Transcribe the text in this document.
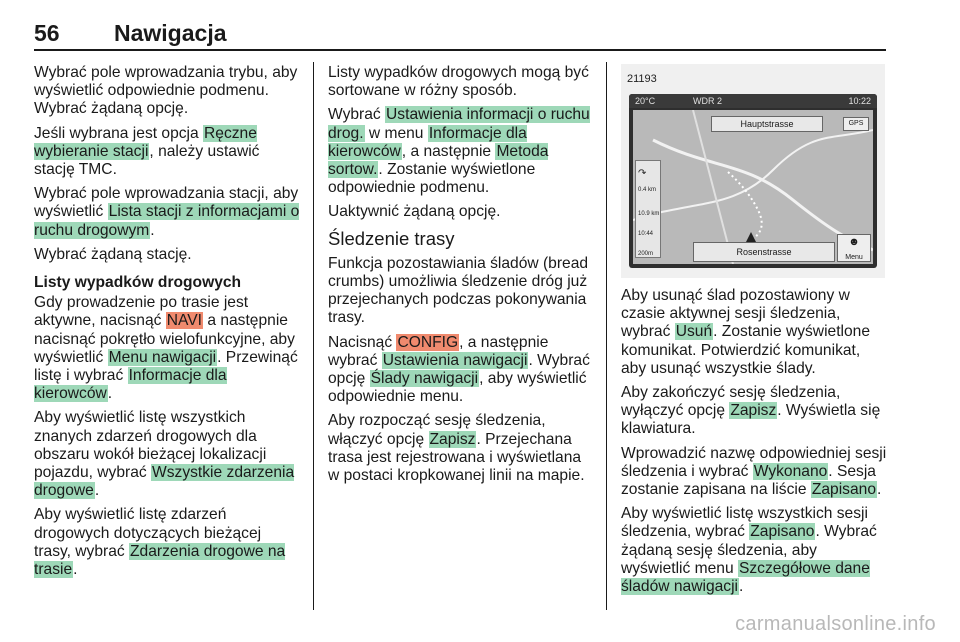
56 Nawigacja

Wybrać pole wprowadzania trybu, aby wyświetlić odpowiednie podmenu. Wybrać żądaną opcję.

Jeśli wybrana jest opcja Ręczne wybieranie stacji, należy ustawić stację TMC.

Wybrać pole wprowadzania stacji, aby wyświetlić Lista stacji z informacjami o ruchu drogowym.

Wybrać żądaną stację.

Listy wypadków drogowych

Gdy prowadzenie po trasie jest aktywne, nacisnąć NAVI a następnie nacisnąć pokrętło wielofunkcyjne, aby wyświetlić Menu nawigacji. Przewinąć listę i wybrać Informacje dla kierowców.

Aby wyświetlić listę wszystkich znanych zdarzeń drogowych dla obszaru wokół bieżącej lokalizacji pojazdu, wybrać Wszystkie zdarzenia drogowe.

Aby wyświetlić listę zdarzeń drogowych dotyczących bieżącej trasy, wybrać Zdarzenia drogowe na trasie.

Listy wypadków drogowych mogą być sortowane w różny sposób.

Wybrać Ustawienia informacji o ruchu drog. w menu Informacje dla kierowców, a następnie Metoda sortow.. Zostanie wyświetlone odpowiednie podmenu.

Uaktywnić żądaną opcję.

Śledzenie trasy

Funkcja pozostawiania śladów (bread crumbs) umożliwia śledzenie dróg już przejechanych podczas pokonywania trasy.

Nacisnąć CONFIG, a następnie wybrać Ustawienia nawigacji. Wybrać opcję Ślady nawigacji, aby wyświetlić odpowiednie menu.

Aby rozpocząć sesję śledzenia, włączyć opcję Zapisz. Przejechana trasa jest rejestrowana i wyświetlana w postaci kropkowanej linii na mapie.

21193
20°C	WDR 2	10:22
Hauptstrasse	GPS
↷
0.4 km
10.9 km
10:44
200m	Rosenstrasse
☻
Menu

Aby usunąć ślad pozostawiony w czasie aktywnej sesji śledzenia, wybrać Usuń. Zostanie wyświetlone komunikat. Potwierdzić komunikat, aby usunąć wszystkie ślady.

Aby zakończyć sesję śledzenia, wyłączyć opcję Zapisz. Wyświetla się klawiatura.

Wprowadzić nazwę odpowiedniej sesji śledzenia i wybrać Wykonano. Sesja zostanie zapisana na liście Zapisano.

Aby wyświetlić listę wszystkich sesji śledzenia, wybrać Zapisano. Wybrać żądaną sesję śledzenia, aby wyświetlić menu Szczegółowe dane śladów nawigacji.

carmanualsonline.info
